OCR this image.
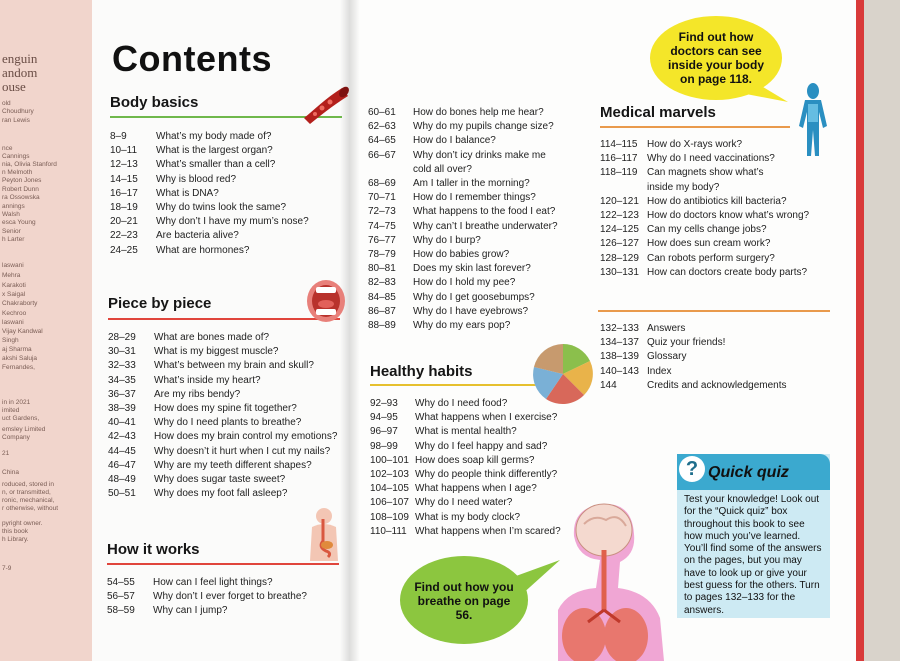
enguin
andom
ouse
old
Choudhury
ran Lewis
nce
Cannings
nia, Olivia Stanford
n Melmoth
Peyton Jones
Robert Dunn
ra Ossowska
annings
Walsh
esca Young
Senior
h Larter
laswani
Mehra
Karakoti
x Saigal
Chakraborty
Kechroo
laswani
Vijay Kandwal
Singh
aj Sharma
akshi Saluja
Fernandes,
in in 2021
imited
uct Gardens,
emsley Limited
Company
21
roduced, stored in
n, or transmitted,
ronic, mechanical,
r otherwise, without
pyright owner.
this book
h Library.
7-9
China
Contents
Body basics
8–9	What’s my body made of?
10–11 What is the largest organ?
12–13 What’s smaller than a cell?
14–15 Why is blood red?
16–17 What is DNA?
18–19 Why do twins look the same?
20–21 Why don’t I have my mum’s nose?
22–23 Are bacteria alive?
24–25 What are hormones?
Piece by piece
28–29 What are bones made of?
30–31 What is my biggest muscle?
32–33 What’s between my brain and skull?
34–35 What’s inside my heart?
36–37 Are my ribs bendy?
38–39 How does my spine fit together?
40–41 Why do I need plants to breathe?
42–43 How does my brain control my emotions?
44–45 Why doesn’t it hurt when I cut my nails?
46–47 Why are my teeth different shapes?
48–49 Why does sugar taste sweet?
50–51 Why does my foot fall asleep?
How it works
54–55 How can I feel light things?
56–57 Why don’t I ever forget to breathe?
58–59 Why can I jump?
60–61 How do bones help me hear?
62–63 Why do my pupils change size?
64–65 How do I balance?
66–67 Why don’t icy drinks make me
cold all over?
68–69 Am I taller in the morning?
70–71 How do I remember things?
72–73 What happens to the food I eat?
74–75 Why can’t I breathe underwater?
76–77 Why do I burp?
78–79 How do babies grow?
80–81 Does my skin last forever?
82–83 How do I hold my pee?
84–85 Why do I get goosebumps?
86–87 Why do I have eyebrows?
88–89 Why do my ears pop?
Healthy habits
92–93 Why do I need food?
94–95 What happens when I exercise?
96–97 What is mental health?
98–99 Why do I feel happy and sad?
100–101 How does soap kill germs?
102–103 Why do people think differently?
104–105 What happens when I age?
106–107 Why do I need water?
108–109 What is my body clock?
110–111 What happens when I’m scared?
Medical marvels
114–115 How do X-rays work?
116–117 Why do I need vaccinations?
118–119 Can magnets show what’s
inside my body?
120–121 How do antibiotics kill bacteria?
122–123 How do doctors know what’s wrong?
124–125 Can my cells change jobs?
126–127 How does sun cream work?
128–129 Can robots perform surgery?
130–131 How can doctors create body parts?
132–133 Answers
134–137 Quiz your friends!
138–139 Glossary
140–143 Index
144	Credits and acknowledgements
Find out how doctors can see inside your body on page 118.
Find out how you breathe on page 56.
? Quick quiz
Test your knowledge! Look out for the “Quick quiz” box throughout this book to see how much you’ve learned. You’ll find some of the answers on the pages, but you may have to look up or give your best guess for the others. Turn to pages 132–133 for the answers.
